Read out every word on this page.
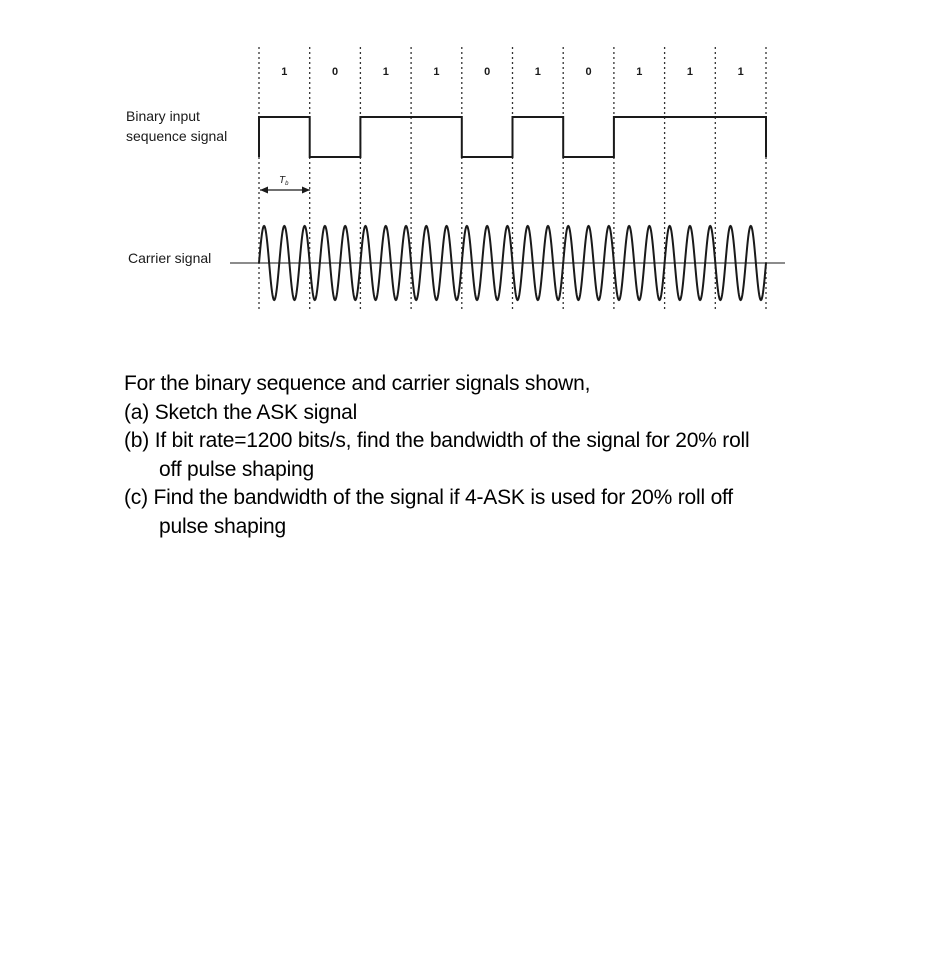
1	0	1	1	0	1	0	1	1	1
Binary input
sequence signal
$T_b$
Carrier signal
For the binary sequence and carrier signals shown,
(a) Sketch the ASK signal
(b) If bit rate=1200 bits/s, find the bandwidth of the signal for 20% roll
off pulse shaping
(c) Find the bandwidth of the signal if 4-ASK is used for 20% roll off
pulse shaping
